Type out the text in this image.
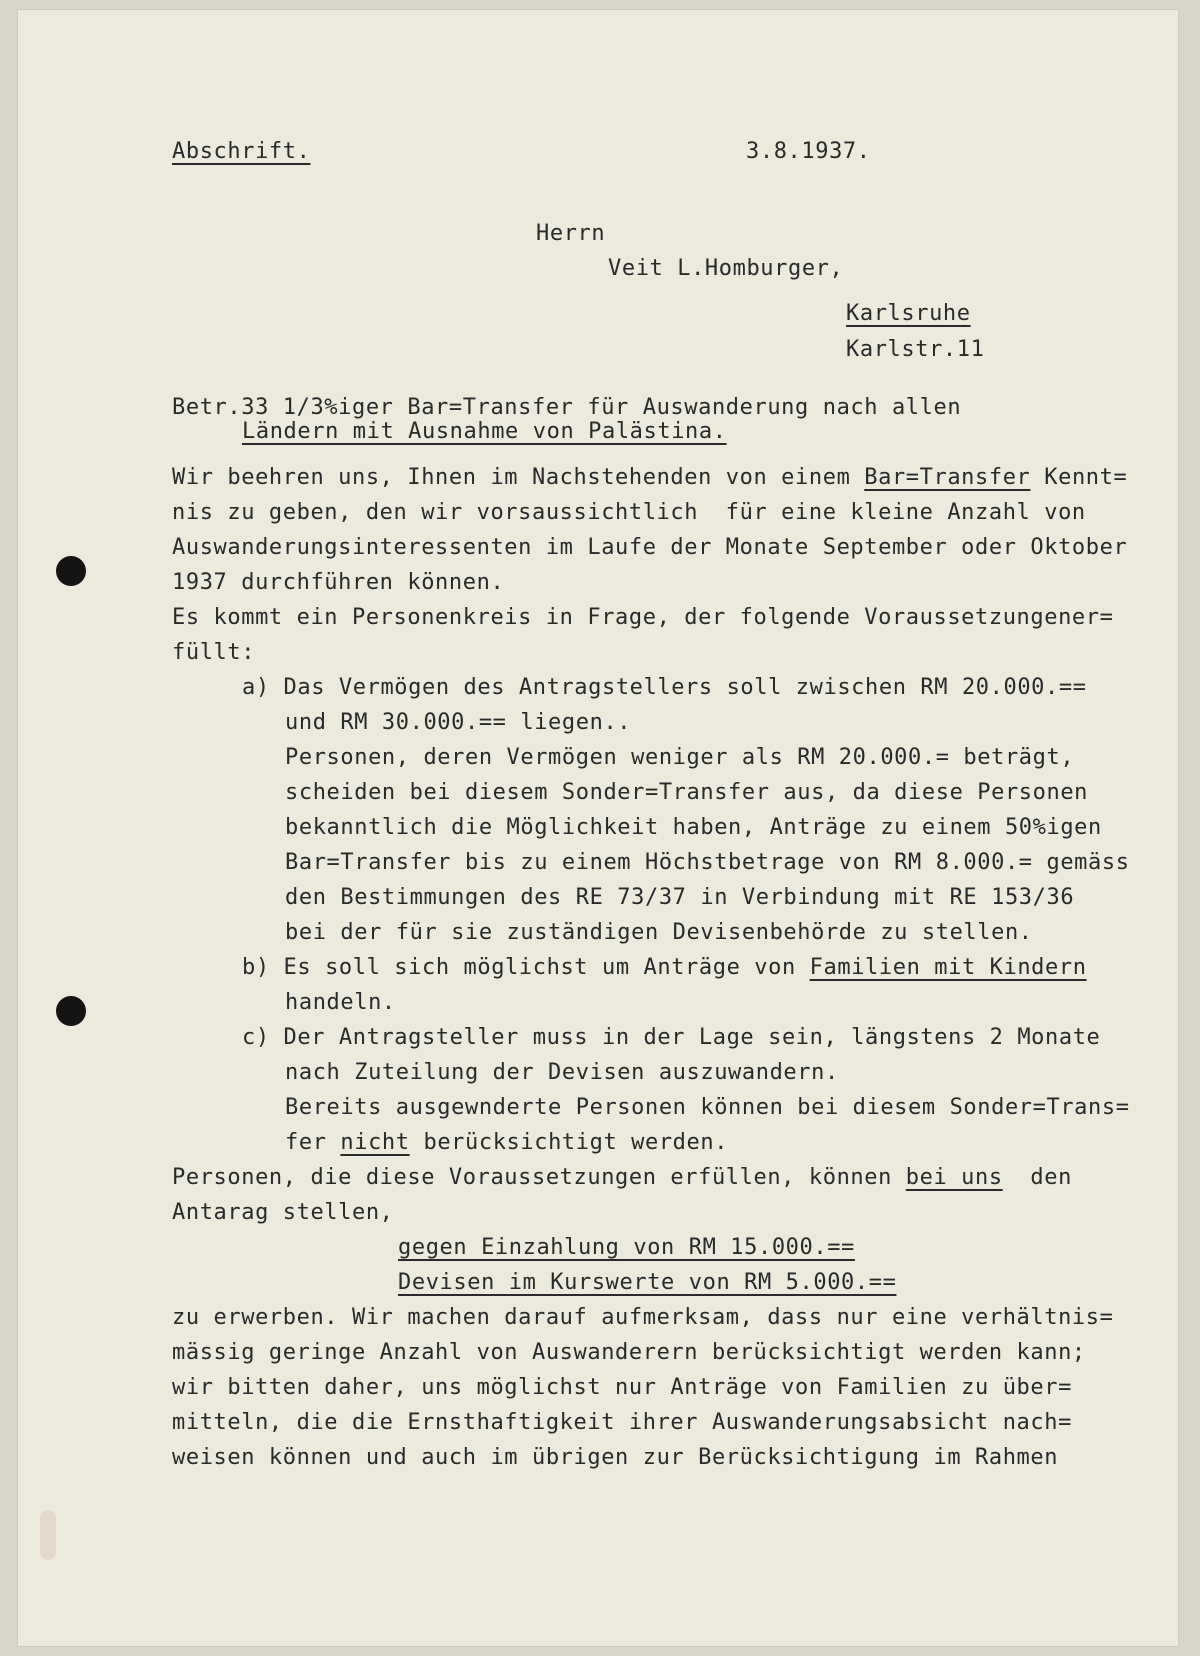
Abschrift.	3.8.1937.
Herrn
Veit L.Homburger,
Karlsruhe
Karlstr.11
Betr.33 1/3%iger Bar=Transfer für Auswanderung nach allen
Ländern mit Ausnahme von Palästina.
Wir beehren uns, Ihnen im Nachstehenden von einem Bar=Transfer Kennt=
nis zu geben, den wir vorsaussichtlich  für eine kleine Anzahl von
Auswanderungsinteressenten im Laufe der Monate September oder Oktober
1937 durchführen können.
Es kommt ein Personenkreis in Frage, der folgende Voraussetzungener=
füllt:
a) Das Vermögen des Antragstellers soll zwischen RM 20.000.==
und RM 30.000.== liegen..
Personen, deren Vermögen weniger als RM 20.000.= beträgt,
scheiden bei diesem Sonder=Transfer aus, da diese Personen
bekanntlich die Möglichkeit haben, Anträge zu einem 50%igen
Bar=Transfer bis zu einem Höchstbetrage von RM 8.000.= gemäss
den Bestimmungen des RE 73/37 in Verbindung mit RE 153/36
bei der für sie zuständigen Devisenbehörde zu stellen.
b) Es soll sich möglichst um Anträge von Familien mit Kindern
handeln.
c) Der Antragsteller muss in der Lage sein, längstens 2 Monate
nach Zuteilung der Devisen auszuwandern.
Bereits ausgewnderte Personen können bei diesem Sonder=Trans=
fer nicht berücksichtigt werden.
Personen, die diese Voraussetzungen erfüllen, können bei uns  den
Antarag stellen,
gegen Einzahlung von RM 15.000.==
Devisen im Kurswerte von RM 5.000.==
zu erwerben. Wir machen darauf aufmerksam, dass nur eine verhältnis=
mässig geringe Anzahl von Auswanderern berücksichtigt werden kann;
wir bitten daher, uns möglichst nur Anträge von Familien zu über=
mitteln, die die Ernsthaftigkeit ihrer Auswanderungsabsicht nach=
weisen können und auch im übrigen zur Berücksichtigung im Rahmen
